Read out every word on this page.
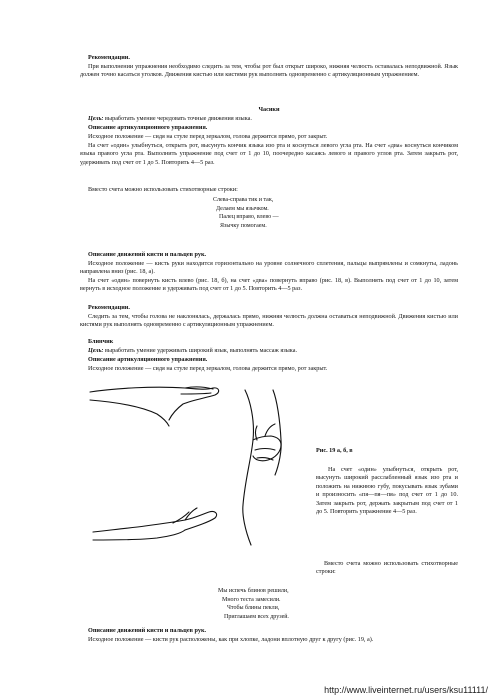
Рекомендации.
При выполнении упражнения необходимо следить за тем, чтобы рот был открыт широко, нижняя челюсть оставалась неподвижной. Язык должен точно касаться уголков. Движения кистью или кистями рук выполнять одновременно с артикуляционным упражнением.
Часики
Цель: выработать умение чередовать точные движения языка.
Описание артикуляционного упражнения.
Исходное положение — сидя на стуле перед зеркалом, голова держится прямо, рот закрыт.
На счет «один» улыбнуться, открыть рот, высунуть кончик языка изо рта и коснуться левого угла рта. На счет «два» коснуться кончиком языка правого угла рта. Выполнить упражнение под счет от 1 до 10, поочередно касаясь левого и правого углов рта. Затем закрыть рот, удерживать под счет от 1 до 5. Повторить 4—5 раз.
Вместо счета можно использовать стихотворные строки:
Слева-справа тик и так,
Делаем мы язычком.
Палец вправо, влево —
Язычку помогаем.
Описание движений кисти и пальцев рук.
Исходное положение — кисть руки находится горизонтально на уровне солнечного сплетения, пальцы выпрямлены и сомкнуты, ладонь направлена вниз (рис. 18, а).
На счет «один» повернуть кисть влево (рис. 18, б), на счет «два» повернуть вправо (рис. 18, в). Выполнять под счет от 1 до 10, затем вернуть в исходное положение и удерживать под счет от 1 до 5. Повторить 4—5 раз.
Рекомендации.
Следить за тем, чтобы голова не наклонялась, держалась прямо, нижняя челюсть должна оставаться неподвижной. Движения кистью или кистями рук выполнять одновременно с артикуляционным упражнением.
Блинчик
Цель: выработать умение удерживать широкий язык, выполнять массаж языка.
Описание артикуляционного упражнения.
Исходное положение — сидя на стуле перед зеркалом, голова держится прямо, рот закрыт.
Рис. 19 а, б, в
На счет «один» улыбнуться, открыть рот, высунуть широкий расслабленный язык изо рта и положить на нижнюю губу, покусывать язык зубами и произносить «пя—пя—пя» под счет от 1 до 10. Затем закрыть рот, держать закрытым под счет от 1 до 5. Повторить упражнение 4—5 раз.
Вместо счета можно использовать стихотворные строки:
Мы испечь блинов решили,
Много теста замесили.
Чтобы блины пекли,
Приглашаем всех друзей.
Описание движений кисти и пальцев рук.
Исходное положение — кисти рук расположены, как при хлопке, ладони вплотную друг к другу (рис. 19, а).
http://www.liveinternet.ru/users/ksu11111/
